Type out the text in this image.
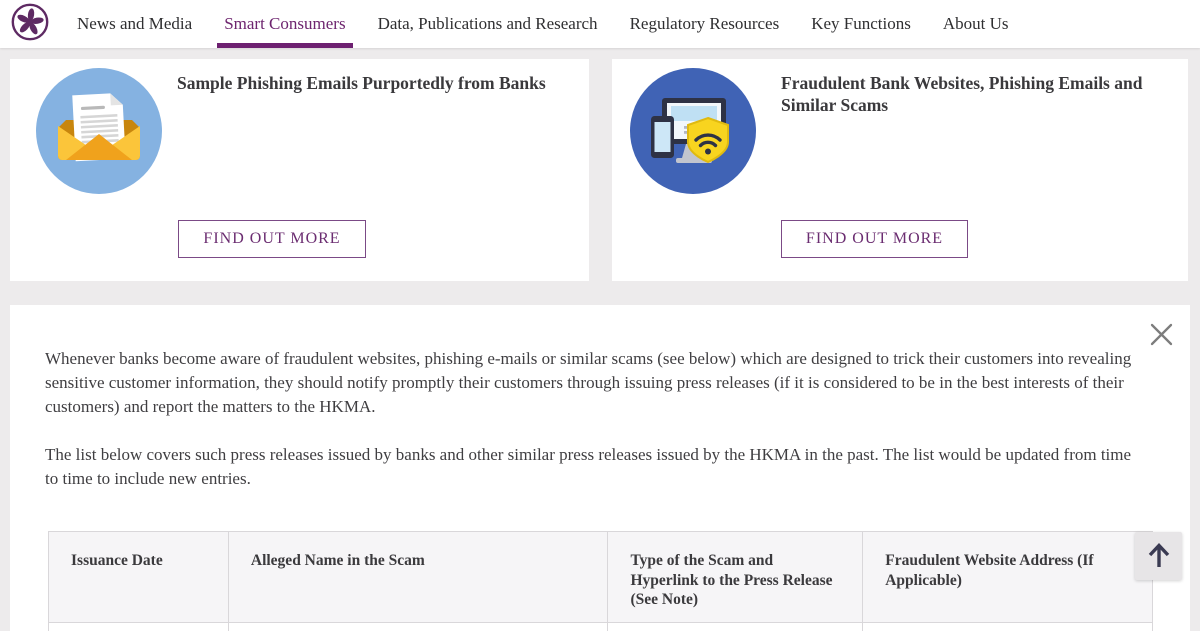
News and Media	Smart Consumers	Data, Publications and Research	Regulatory Resources	Key Functions	About Us
Sample Phishing Emails Purportedly from Banks
FIND OUT MORE
Fraudulent Bank Websites, Phishing Emails and Similar Scams
FIND OUT MORE

Whenever banks become aware of fraudulent websites, phishing e-mails or similar scams (see below) which are designed to trick their customers into revealing sensitive customer information, they should notify promptly their customers through issuing press releases (if it is considered to be in the best interests of their customers) and report the matters to the HKMA.

The list below covers such press releases issued by banks and other similar press releases issued by the HKMA in the past. The list would be updated from time to time to include new entries.

Issuance Date	Alleged Name in the Scam	Type of the Scam and Hyperlink to the Press Release (See Note)	Fraudulent Website Address (If Applicable)
